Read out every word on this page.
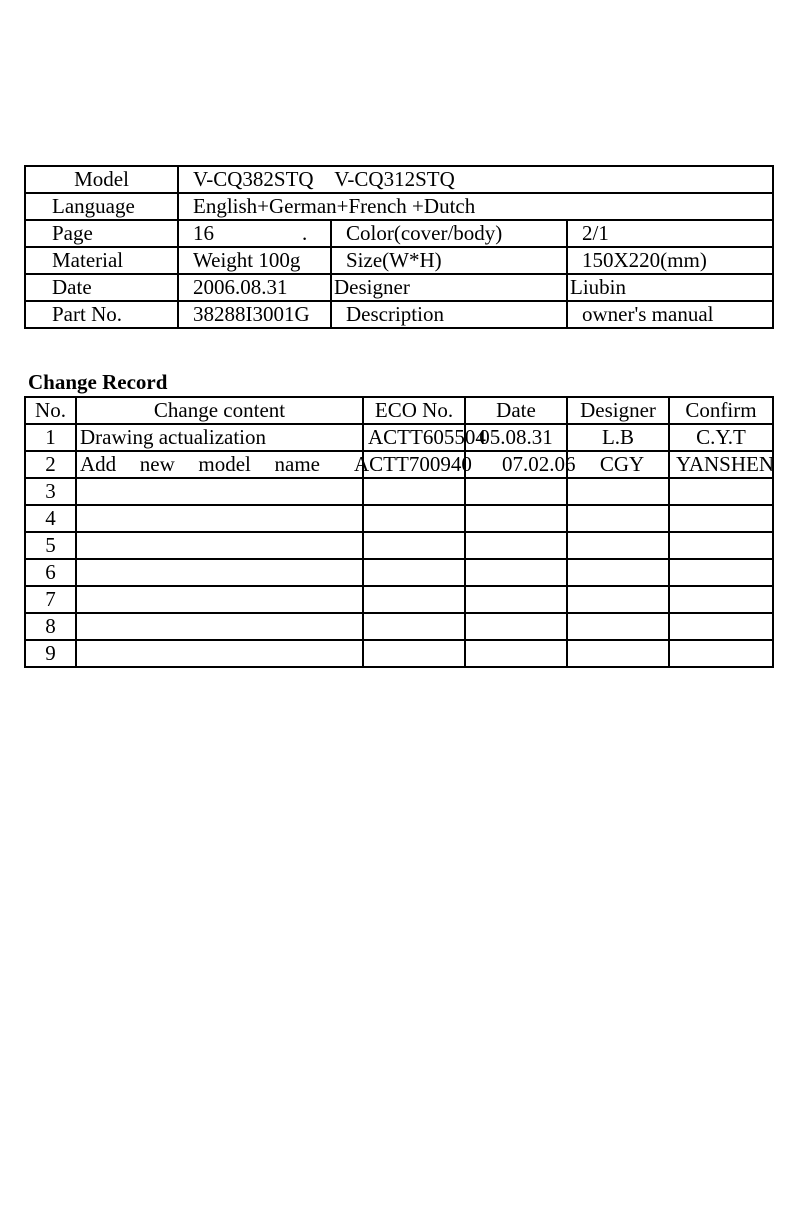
Model	V-CQ382STQ    V-CQ312STQ		
Language	English+German+French +Dutch		
Page	16 .	Color(cover/body)	2/1
Material	Weight 100g	Size(W*H)	150X220(mm)
Date	2006.08.31	Designer	Liubin
Part No.	38288I3001G	Description	owner's manual
Change Record
No.	Change content	ECO No.	Date	Designer	Confirm
1	Drawing actualization	ACTT605504	05.08.31	L.B	C.Y.T
2	Add new model name	ACTT700940	07.02.06	CGY	YANSHEN
3					
4					
5					
6					
7					
8					
9					
